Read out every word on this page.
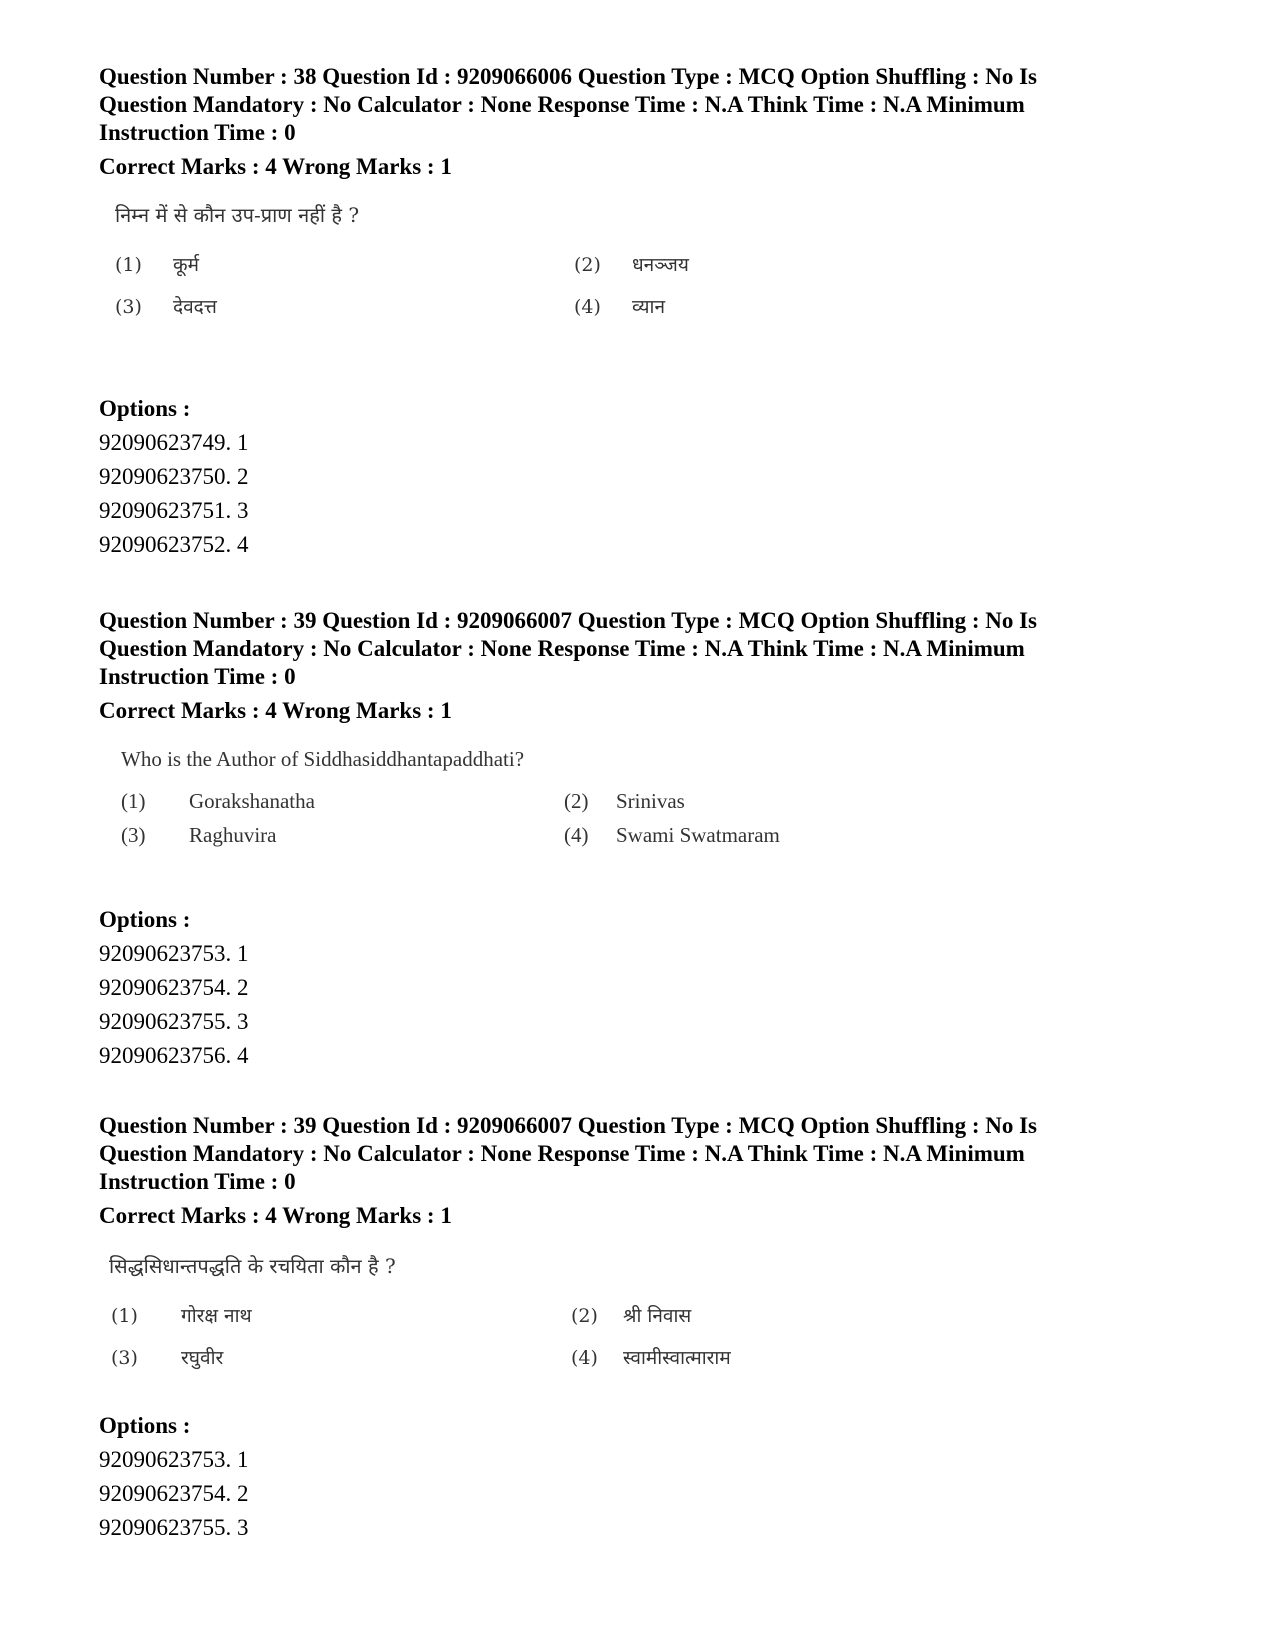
Question Number : 38 Question Id : 9209066006 Question Type : MCQ Option Shuffling : No Is Question Mandatory : No Calculator : None Response Time : N.A Think Time : N.A Minimum Instruction Time : 0

Correct Marks : 4 Wrong Marks : 1
निम्न में से कौन उप-प्राण नहीं है ?
(1) कूर्म	(2) धनञ्जय
(3) देवदत्त	(4) व्यान
Options :
92090623749. 1
92090623750. 2
92090623751. 3
92090623752. 4

Question Number : 39 Question Id : 9209066007 Question Type : MCQ Option Shuffling : No Is Question Mandatory : No Calculator : None Response Time : N.A Think Time : N.A Minimum Instruction Time : 0

Correct Marks : 4 Wrong Marks : 1
Who is the Author of Siddhasiddhantapaddhati?
(1) Gorakshanatha	(2) Srinivas
(3) Raghuvira	(4) Swami Swatmaram
Options :
92090623753. 1
92090623754. 2
92090623755. 3
92090623756. 4

Question Number : 39 Question Id : 9209066007 Question Type : MCQ Option Shuffling : No Is Question Mandatory : No Calculator : None Response Time : N.A Think Time : N.A Minimum Instruction Time : 0

Correct Marks : 4 Wrong Marks : 1
सिद्धसिधान्तपद्धति के रचयिता कौन है ?
(1) गोरक्ष नाथ	(2) श्री निवास
(3) रघुवीर	(4) स्वामीस्वात्माराम
Options :
92090623753. 1
92090623754. 2
92090623755. 3
